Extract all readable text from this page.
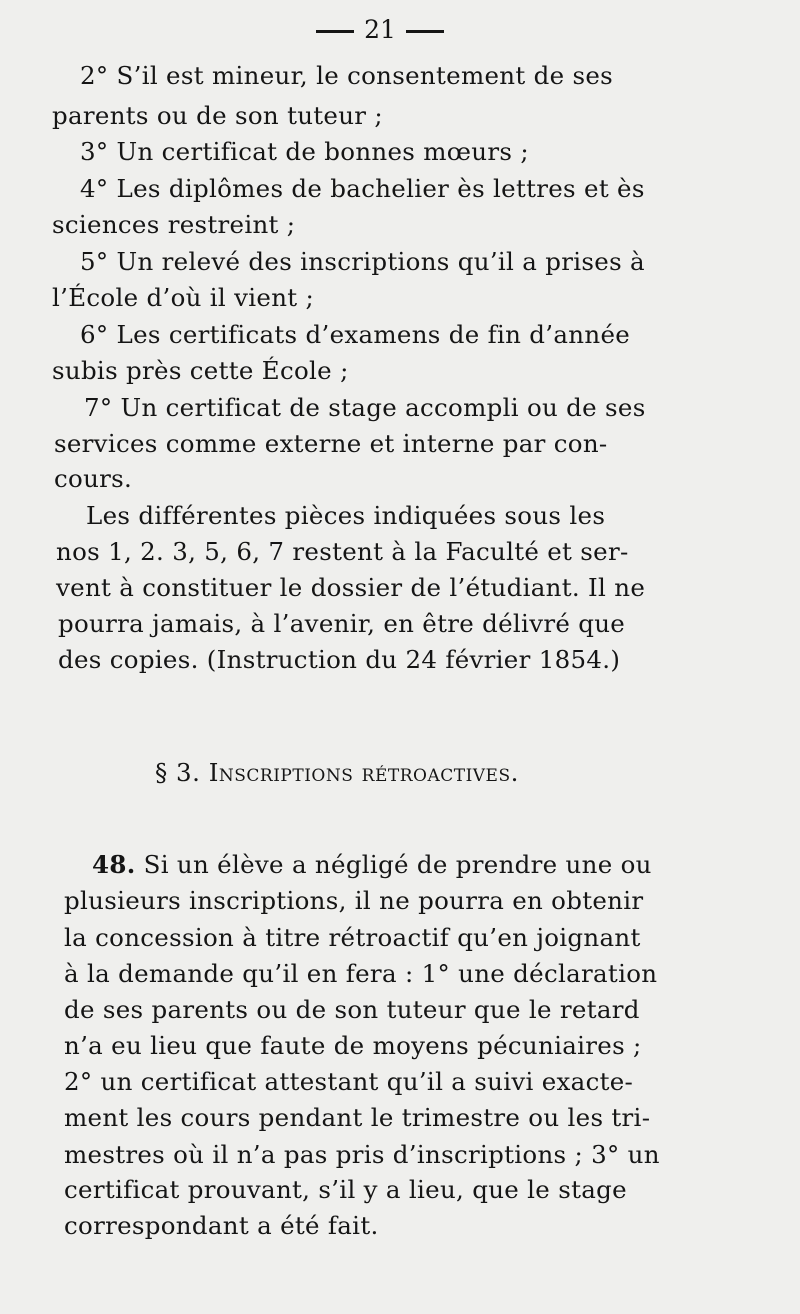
21
2° S’il est mineur, le consentement de ses
parents ou de son tuteur ;
3° Un certificat de bonnes mœurs ;
4° Les diplômes de bachelier ès lettres et ès
sciences restreint ;
5° Un relevé des inscriptions qu’il a prises à
l’École d’où il vient ;
6° Les certificats d’examens de fin d’année
subis près cette École ;
7° Un certificat de stage accompli ou de ses
services comme externe et interne par con-
cours.
Les différentes pièces indiquées sous les
nos 1, 2. 3, 5, 6, 7 restent à la Faculté et ser-
vent à constituer le dossier de l’étudiant. Il ne
pourra jamais, à l’avenir, en être délivré que
des copies. (Instruction du 24 février 1854.)
§ 3. Inscriptions rétroactives.
48. Si un élève a négligé de prendre une ou
plusieurs inscriptions, il ne pourra en obtenir
la concession à titre rétroactif qu’en joignant
à la demande qu’il en fera : 1° une déclaration
de ses parents ou de son tuteur que le retard
n’a eu lieu que faute de moyens pécuniaires ;
2° un certificat attestant qu’il a suivi exacte-
ment les cours pendant le trimestre ou les tri-
mestres où il n’a pas pris d’inscriptions ; 3° un
certificat prouvant, s’il y a lieu, que le stage
correspondant a été fait.
